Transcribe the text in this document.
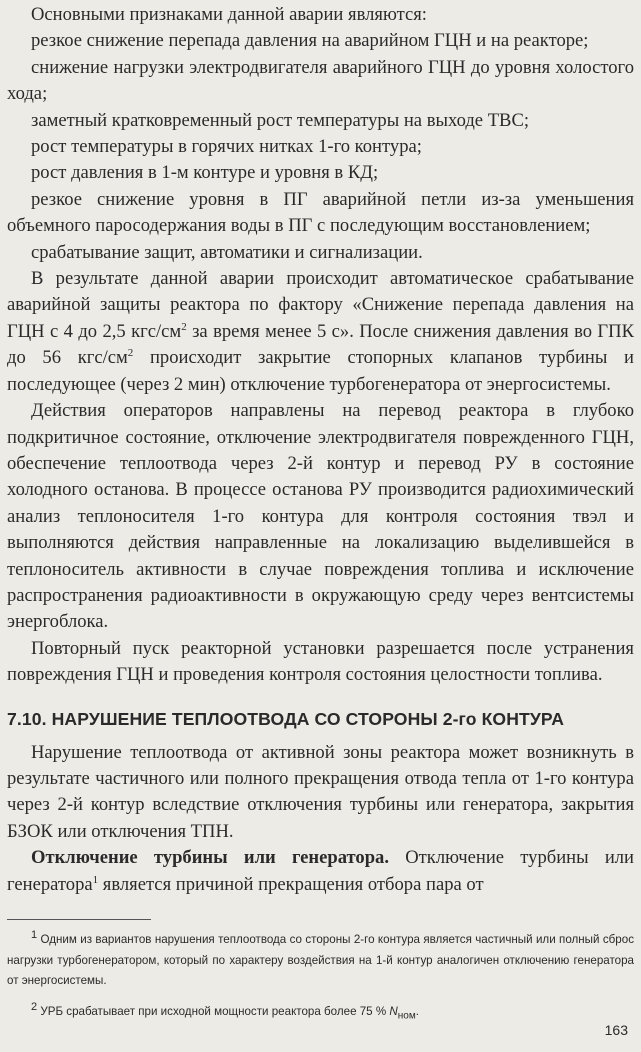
Основными признаками данной аварии являются:

резкое снижение перепада давления на аварийном ГЦН и на реакторе;

снижение нагрузки электродвигателя аварийного ГЦН до уровня холостого хода;

заметный кратковременный рост температуры на выходе ТВС;

рост температуры в горячих нитках 1-го контура;

рост давления в 1-м контуре и уровня в КД;

резкое снижение уровня в ПГ аварийной петли из-за уменьшения объемного паросодержания воды в ПГ с последующим восстановлением;

срабатывание защит, автоматики и сигнализации.

В результате данной аварии происходит автоматическое срабатывание аварийной защиты реактора по фактору «Снижение перепада давления на ГЦН с 4 до 2,5 кгс/$см^2$ за время менее 5 с». После снижения давления во ГПК до 56 кгс/$см^2$ происходит закрытие стопорных клапанов турбины и последующее (через 2 мин) отключение турбогенератора от энергосистемы.

Действия операторов направлены на перевод реактора в глубоко подкритичное состояние, отключение электродвигателя поврежденного ГЦН, обеспечение теплоотвода через 2-й контур и перевод РУ в состояние холодного останова. В процессе останова РУ производится радиохимический анализ теплоносителя 1-го контура для контроля состояния твэл и выполняются действия направленные на локализацию выделившейся в теплоноситель активности в случае повреждения топлива и исключение распространения радиоактивности в окружающую среду через вентсистемы энергоблока.

Повторный пуск реакторной установки разрешается после устранения повреждения ГЦН и проведения контроля состояния целостности топлива.

7.10. НАРУШЕНИЕ ТЕПЛООТВОДА СО СТОРОНЫ 2-го КОНТУРА

Нарушение теплоотвода от активной зоны реактора может возникнуть в результате частичного или полного прекращения отвода тепла от 1-го контура через 2-й контур вследствие отключения турбины или генератора, закрытия БЗОК или отключения ТПН.

Отключение турбины или генератора. Отключение турбины или генератора$^1$ является причиной прекращения отбора пара от

$^1$ Одним из вариантов нарушения теплоотвода со стороны 2-го контура является частичный или полный сброс нагрузки турбогенератором, который по характеру воздействия на 1-й контур аналогичен отключению генератора от энергосистемы.

$^2$ УРБ срабатывает при исходной мощности реактора более 75 % $N_{ном}$.

163
